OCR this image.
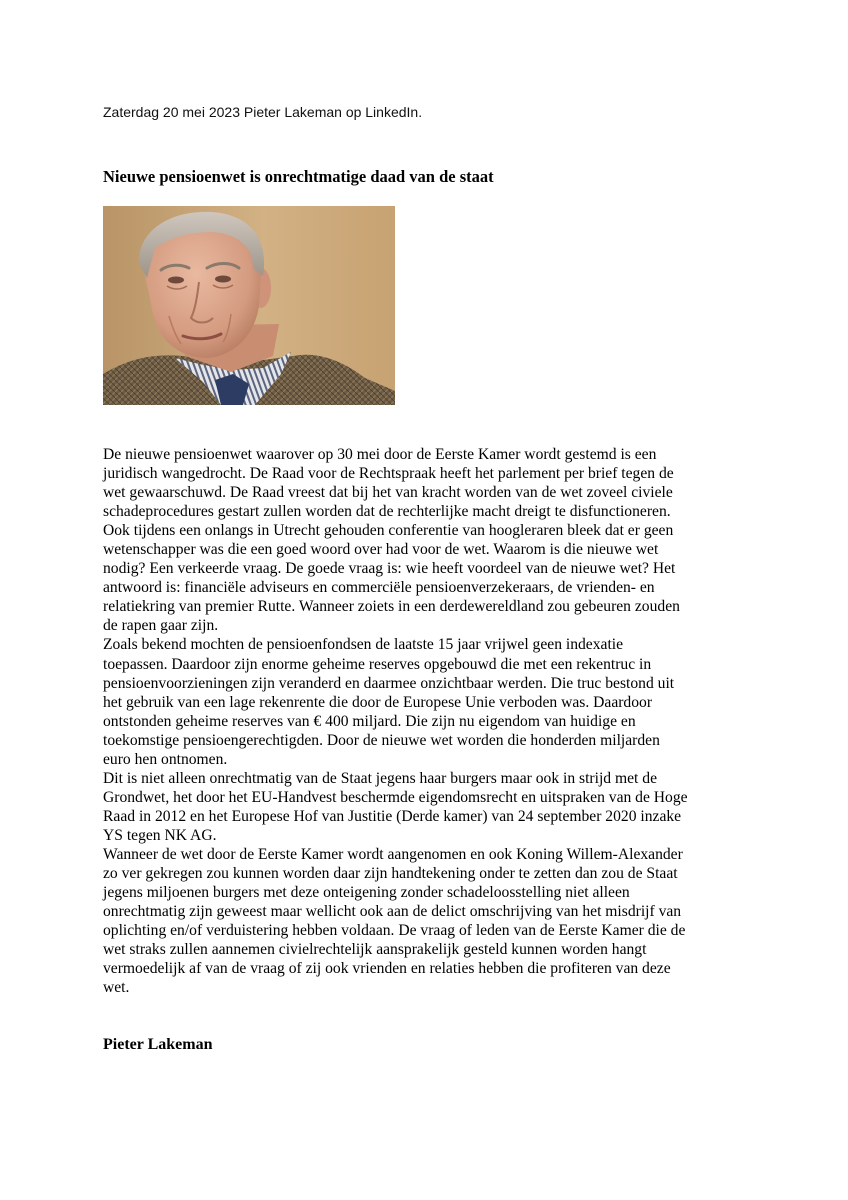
Zaterdag 20 mei 2023 Pieter Lakeman op LinkedIn.
Nieuwe pensioenwet is onrechtmatige daad van de staat

De nieuwe pensioenwet waarover op 30 mei door de Eerste Kamer wordt gestemd is een
juridisch wangedrocht. De Raad voor de Rechtspraak heeft het parlement per brief tegen de
wet gewaarschuwd. De Raad vreest dat bij het van kracht worden van de wet zoveel civiele
schadeprocedures gestart zullen worden dat de rechterlijke macht dreigt te disfunctioneren.
Ook tijdens een onlangs in Utrecht gehouden conferentie van hoogleraren bleek dat er geen
wetenschapper was die een goed woord over had voor de wet. Waarom is die nieuwe wet
nodig? Een verkeerde vraag. De goede vraag is: wie heeft voordeel van de nieuwe wet? Het
antwoord is: financiële adviseurs en commerciële pensioenverzekeraars, de vrienden- en
relatiekring van premier Rutte. Wanneer zoiets in een derdewereldland zou gebeuren zouden
de rapen gaar zijn.
Zoals bekend mochten de pensioenfondsen de laatste 15 jaar vrijwel geen indexatie
toepassen. Daardoor zijn enorme geheime reserves opgebouwd die met een rekentruc in
pensioenvoorzieningen zijn veranderd en daarmee onzichtbaar werden. Die truc bestond uit
het gebruik van een lage rekenrente die door de Europese Unie verboden was. Daardoor
ontstonden geheime reserves van € 400 miljard. Die zijn nu eigendom van huidige en
toekomstige pensioengerechtigden. Door de nieuwe wet worden die honderden miljarden
euro hen ontnomen.
Dit is niet alleen onrechtmatig van de Staat jegens haar burgers maar ook in strijd met de
Grondwet, het door het EU-Handvest beschermde eigendomsrecht en uitspraken van de Hoge
Raad in 2012 en het Europese Hof van Justitie (Derde kamer) van 24 september 2020 inzake
YS tegen NK AG.
Wanneer de wet door de Eerste Kamer wordt aangenomen en ook Koning Willem-Alexander
zo ver gekregen zou kunnen worden daar zijn handtekening onder te zetten dan zou de Staat
jegens miljoenen burgers met deze onteigening zonder schadeloosstelling niet alleen
onrechtmatig zijn geweest maar wellicht ook aan de delict omschrijving van het misdrijf van
oplichting en/of verduistering hebben voldaan. De vraag of leden van de Eerste Kamer die de
wet straks zullen aannemen civielrechtelijk aansprakelijk gesteld kunnen worden hangt
vermoedelijk af van de vraag of zij ook vrienden en relaties hebben die profiteren van deze
wet.

Pieter Lakeman
